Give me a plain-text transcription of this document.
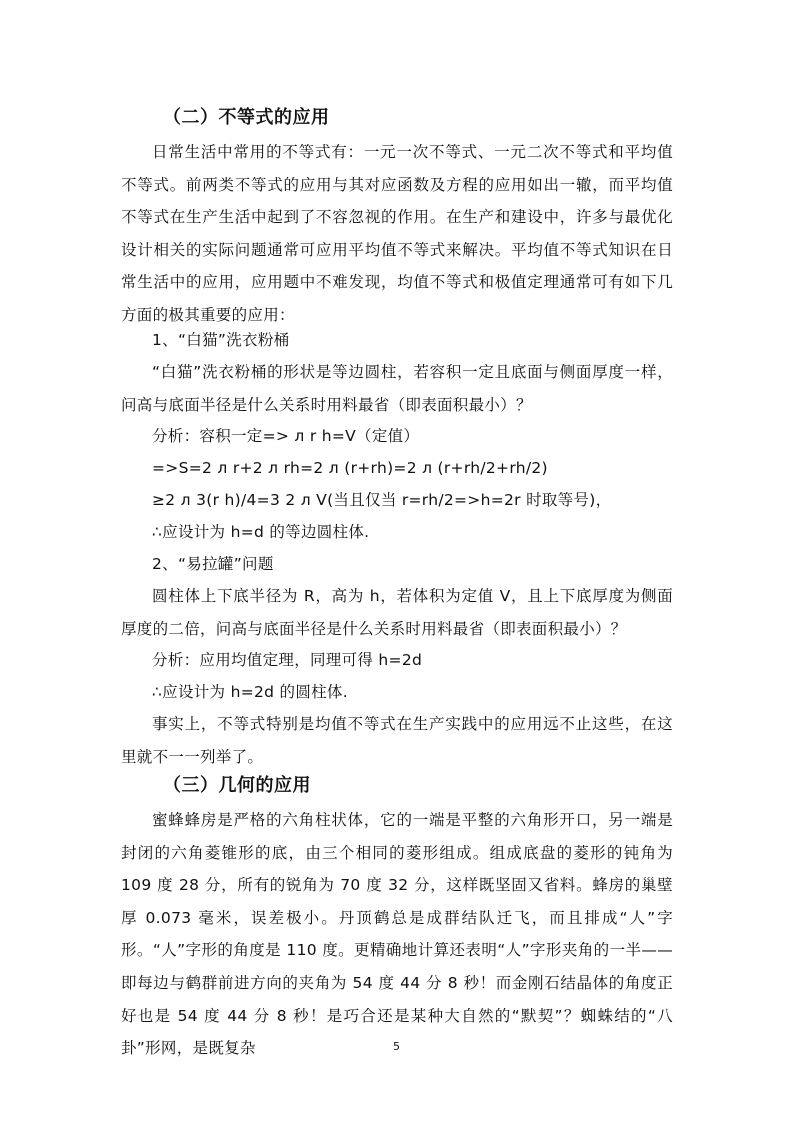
（二）不等式的应用

日常生活中常用的不等式有：一元一次不等式、一元二次不等式和平均值不等式。前两类不等式的应用与其对应函数及方程的应用如出一辙，而平均值不等式在生产生活中起到了不容忽视的作用。在生产和建设中，许多与最优化设计相关的实际问题通常可应用平均值不等式来解决。平均值不等式知识在日常生活中的应用，应用题中不难发现，均值不等式和极值定理通常可有如下几方面的极其重要的应用：

1、“白猫”洗衣粉桶

“白猫”洗衣粉桶的形状是等边圆柱，若容积一定且底面与侧面厚度一样，问高与底面半径是什么关系时用料最省（即表面积最小）？

分析：容积一定=> л r h=V（定值）
=>S=2 л r+2 л rh=2 л (r+rh)=2 л (r+rh/2+rh/2)
≥2 л 3(r h)/4=3 2 л V(当且仅当 r=rh/2=>h=2r 时取等号)，
∴应设计为 h=d 的等边圆柱体.
2、“易拉罐”问题

圆柱体上下底半径为 R，高为 h，若体积为定值 V，且上下底厚度为侧面厚度的二倍，问高与底面半径是什么关系时用料最省（即表面积最小）？

分析：应用均值定理，同理可得 h=2d
∴应设计为 h=2d 的圆柱体.

事实上，不等式特别是均值不等式在生产实践中的应用远不止这些，在这里就不一一列举了。

（三）几何的应用

蜜蜂蜂房是严格的六角柱状体，它的一端是平整的六角形开口，另一端是封闭的六角菱锥形的底，由三个相同的菱形组成。组成底盘的菱形的钝角为 109 度 28 分，所有的锐角为 70 度 32 分，这样既坚固又省料。蜂房的巢壁厚 0.073 毫米，误差极小。丹顶鹤总是成群结队迁飞，而且排成“人”字形。“人”字形的角度是 110 度。更精确地计算还表明“人”字形夹角的一半——即每边与鹤群前进方向的夹角为 54 度 44 分 8 秒！而金刚石结晶体的角度正好也是 54 度 44 分 8 秒！是巧合还是某种大自然的“默契”？蜘蛛结的“八卦”形网，是既复杂	5
